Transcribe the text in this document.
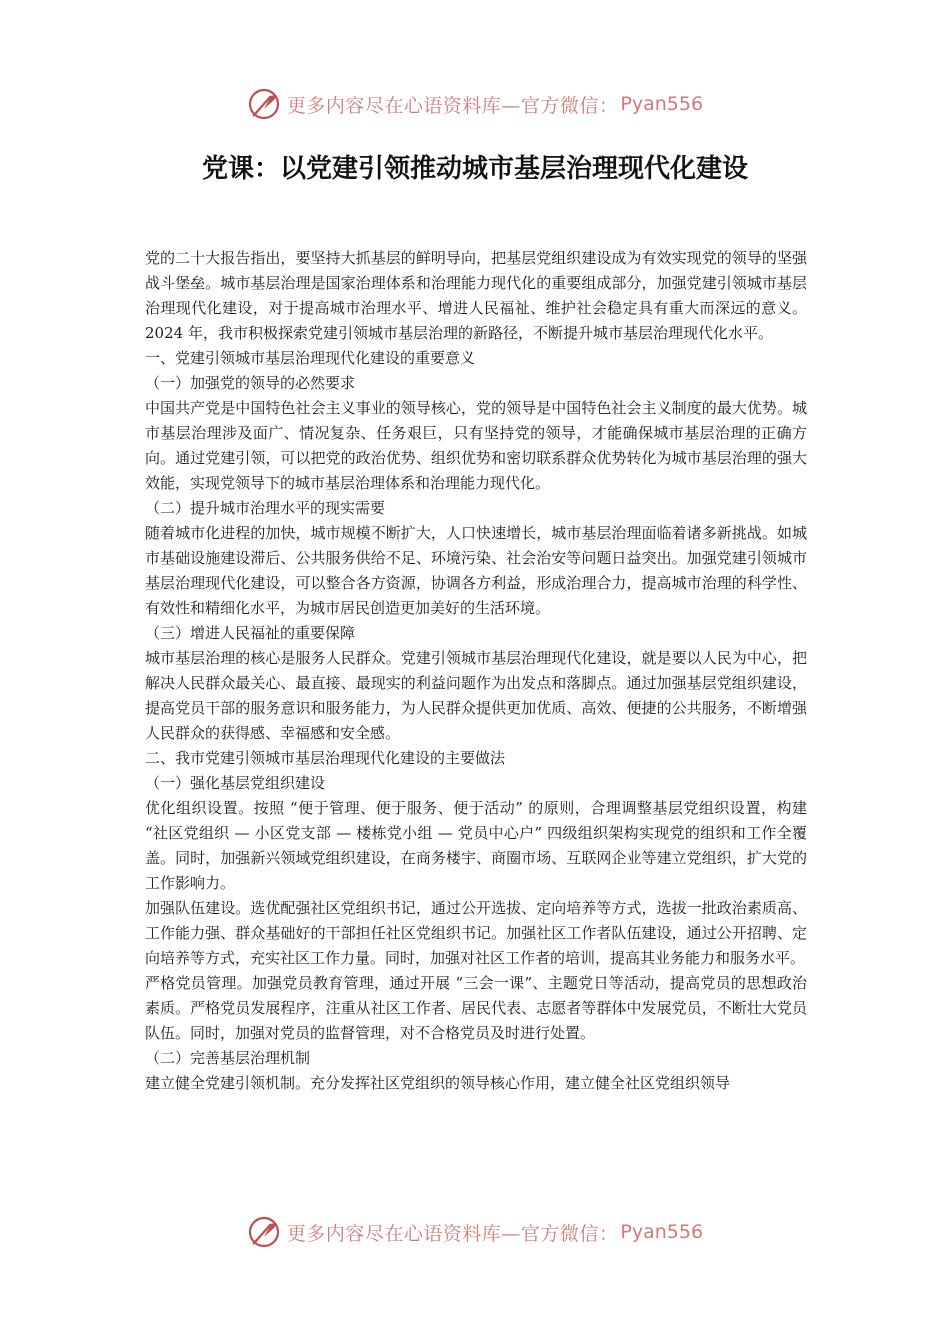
更多内容尽在心语资料库—官方微信： Pyan556
党课：以党建引领推动城市基层治理现代化建设

党的二十大报告指出，要坚持大抓基层的鲜明导向，把基层党组织建设成为有效实现党的领导的坚强战斗堡垒。城市基层治理是国家治理体系和治理能力现代化的重要组成部分，加强党建引领城市基层治理现代化建设，对于提高城市治理水平、增进人民福祉、维护社会稳定具有重大而深远的意义。2024 年，我市积极探索党建引领城市基层治理的新路径，不断提升城市基层治理现代化水平。

一、党建引领城市基层治理现代化建设的重要意义

（一）加强党的领导的必然要求

中国共产党是中国特色社会主义事业的领导核心，党的领导是中国特色社会主义制度的最大优势。城市基层治理涉及面广、情况复杂、任务艰巨，只有坚持党的领导，才能确保城市基层治理的正确方向。通过党建引领，可以把党的政治优势、组织优势和密切联系群众优势转化为城市基层治理的强大效能，实现党领导下的城市基层治理体系和治理能力现代化。

（二）提升城市治理水平的现实需要

随着城市化进程的加快，城市规模不断扩大，人口快速增长，城市基层治理面临着诸多新挑战。如城市基础设施建设滞后、公共服务供给不足、环境污染、社会治安等问题日益突出。加强党建引领城市基层治理现代化建设，可以整合各方资源，协调各方利益，形成治理合力，提高城市治理的科学性、有效性和精细化水平，为城市居民创造更加美好的生活环境。

（三）增进人民福祉的重要保障

城市基层治理的核心是服务人民群众。党建引领城市基层治理现代化建设，就是要以人民为中心，把解决人民群众最关心、最直接、最现实的利益问题作为出发点和落脚点。通过加强基层党组织建设，提高党员干部的服务意识和服务能力，为人民群众提供更加优质、高效、便捷的公共服务，不断增强人民群众的获得感、幸福感和安全感。

二、我市党建引领城市基层治理现代化建设的主要做法

（一）强化基层党组织建设

优化组织设置。按照 “便于管理、便于服务、便于活动” 的原则，合理调整基层党组织设置，构建 “社区党组织 — 小区党支部 — 楼栋党小组 — 党员中心户” 四级组织架构实现党的组织和工作全覆盖。同时，加强新兴领域党组织建设，在商务楼宇、商圈市场、互联网企业等建立党组织，扩大党的工作影响力。

加强队伍建设。选优配强社区党组织书记，通过公开选拔、定向培养等方式，选拔一批政治素质高、工作能力强、群众基础好的干部担任社区党组织书记。加强社区工作者队伍建设，通过公开招聘、定向培养等方式，充实社区工作力量。同时，加强对社区工作者的培训，提高其业务能力和服务水平。

严格党员管理。加强党员教育管理，通过开展 “三会一课”、主题党日等活动，提高党员的思想政治素质。严格党员发展程序，注重从社区工作者、居民代表、志愿者等群体中发展党员，不断壮大党员队伍。同时，加强对党员的监督管理，对不合格党员及时进行处置。

（二）完善基层治理机制

建立健全党建引领机制。充分发挥社区党组织的领导核心作用，建立健全社区党组织领导

更多内容尽在心语资料库—官方微信： Pyan556
